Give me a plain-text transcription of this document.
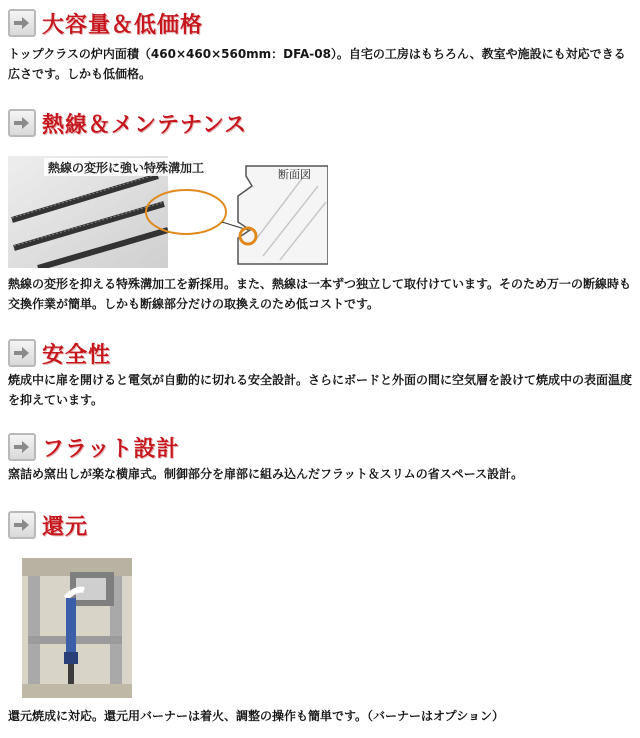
大容量＆低価格

トップクラスの炉内面積（460×460×560mm：DFA-08）。自宅の工房はもちろん、教室や施設にも対応できる広さです。しかも低価格。

熱線＆メンテナンス
熱線の変形に強い特殊溝加工	断面図

熱線の変形を抑える特殊溝加工を新採用。また、熱線は一本ずつ独立して取付けています。そのため万一の断線時も交換作業が簡単。しかも断線部分だけの取換えのため低コストです。

安全性

焼成中に扉を開けると電気が自動的に切れる安全設計。さらにボードと外面の間に空気層を設けて焼成中の表面温度を抑えています。

フラット設計

窯詰め窯出しが楽な横扉式。制御部分を扉部に組み込んだフラット＆スリムの省スペース設計。

還元

還元焼成に対応。還元用バーナーは着火、調整の操作も簡単です。（バーナーはオプション）
